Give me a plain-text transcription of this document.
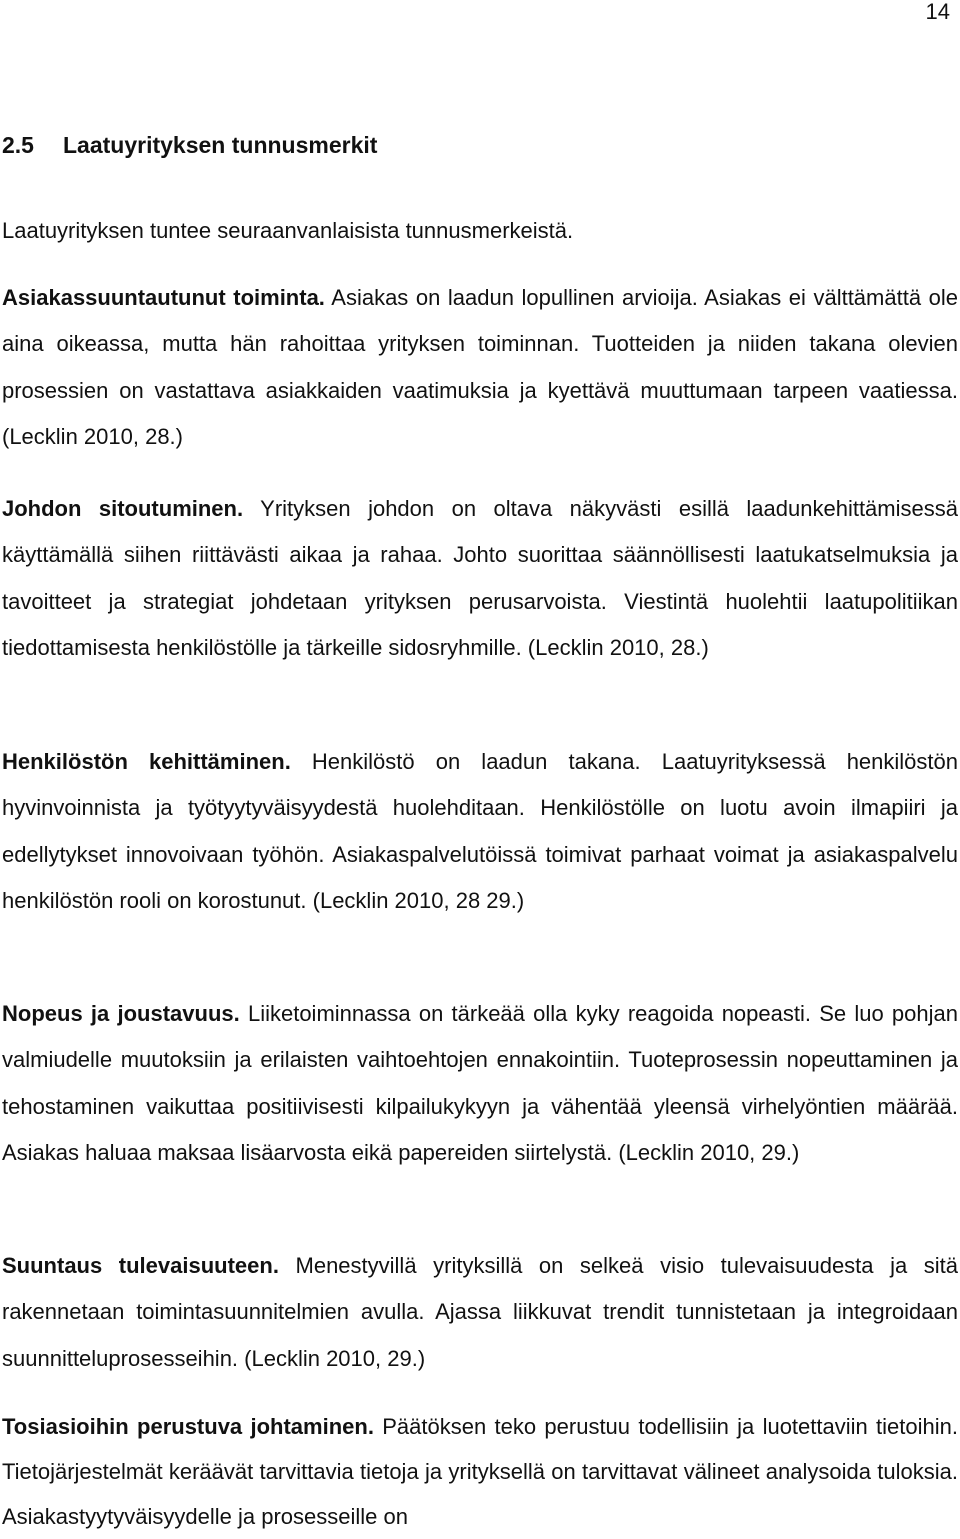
14
2.5 Laatuyrityksen tunnusmerkit
Laatuyrityksen tuntee seuraanvanlaisista tunnusmerkeistä.

Asiakassuuntautunut toiminta. Asiakas on laadun lopullinen arvioija. Asiakas ei välttämättä ole aina oikeassa, mutta hän rahoittaa yrityksen toiminnan. Tuotteiden ja niiden takana olevien prosessien on vastattava asiakkaiden vaatimuksia ja kyettävä muuttumaan tarpeen vaatiessa. (Lecklin 2010, 28.)

Johdon sitoutuminen. Yrityksen johdon on oltava näkyvästi esillä laadunkehittämisessä käyttämällä siihen riittävästi aikaa ja rahaa. Johto suorittaa säännöllisesti laatukatselmuksia ja tavoitteet ja strategiat johdetaan yrityksen perusarvoista. Viestintä huolehtii laatupolitiikan tiedottamisesta henkilöstölle ja tärkeille sidosryhmille. (Lecklin 2010, 28.)

Henkilöstön kehittäminen. Henkilöstö on laadun takana. Laatuyrityksessä henkilöstön hyvinvoinnista ja työtyytyväisyydestä huolehditaan. Henkilöstölle on luotu avoin ilmapiiri ja edellytykset innovoivaan työhön. Asiakaspalvelutöissä toimivat parhaat voimat ja asiakaspalvelu henkilöstön rooli on korostunut. (Lecklin 2010, 28 29.)

Nopeus ja joustavuus. Liiketoiminnassa on tärkeää olla kyky reagoida nopeasti. Se luo pohjan valmiudelle muutoksiin ja erilaisten vaihtoehtojen ennakointiin. Tuoteprosessin nopeuttaminen ja tehostaminen vaikuttaa positiivisesti kilpailukykyyn ja vähentää yleensä virhelyöntien määrää. Asiakas haluaa maksaa lisäarvosta eikä papereiden siirtelystä. (Lecklin 2010, 29.)

Suuntaus tulevaisuuteen. Menestyvillä yrityksillä on selkeä visio tulevaisuudesta ja sitä rakennetaan toimintasuunnitelmien avulla. Ajassa liikkuvat trendit tunnistetaan ja integroidaan suunnitteluprosesseihin. (Lecklin 2010, 29.)

Tosiasioihin perustuva johtaminen. Päätöksen teko perustuu todellisiin ja luotettaviin tietoihin. Tietojärjestelmät keräävät tarvittavia tietoja ja yrityksellä on tarvittavat välineet analysoida tuloksia. Asiakastyytyväisyydelle ja prosesseille on
